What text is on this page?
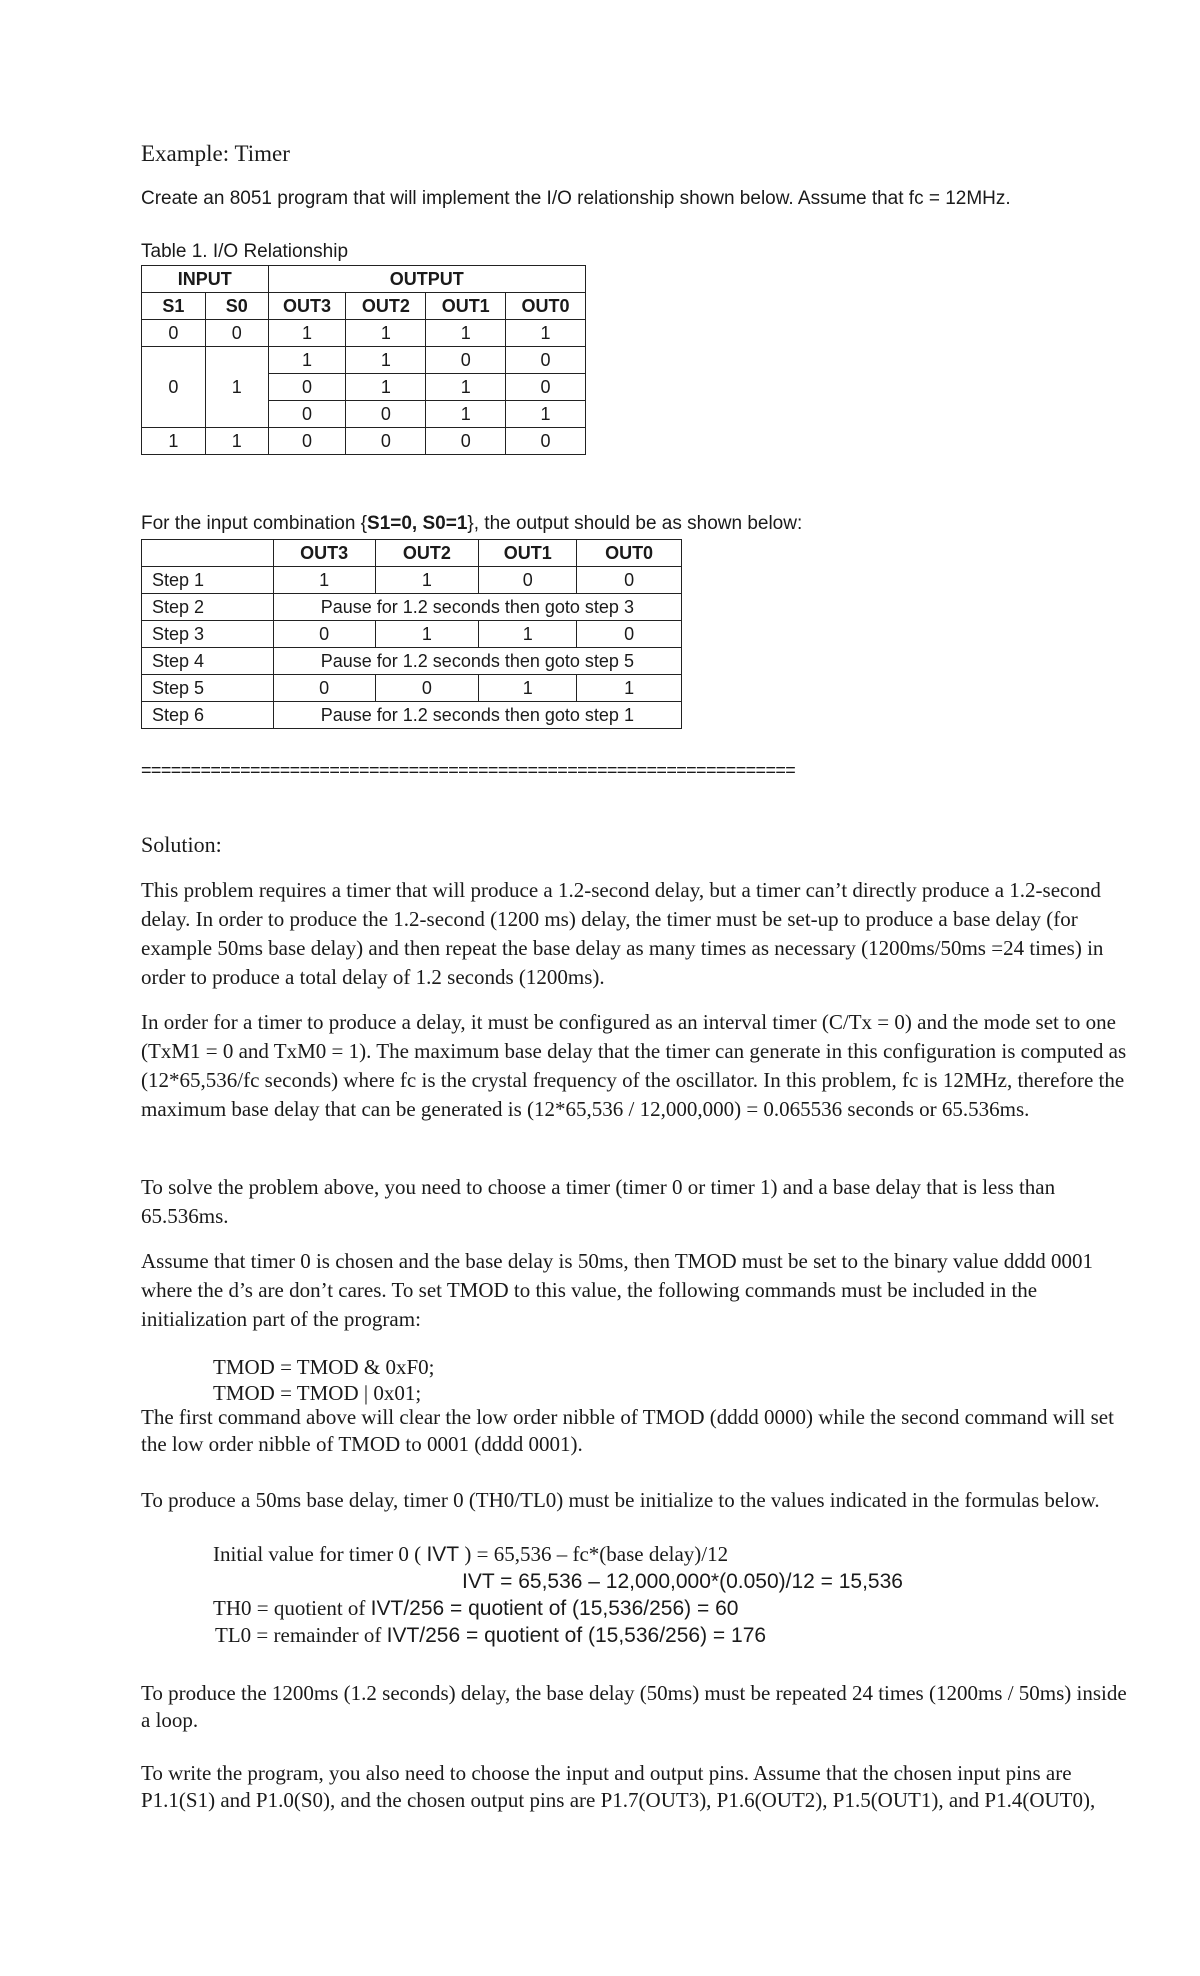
Example: Timer
Create an 8051 program that will implement the I/O relationship shown below. Assume that fc = 12MHz.
Table 1. I/O Relationship
INPUT		OUTPUT			
S1	S0	OUT3	OUT2	OUT1	OUT0
0	0	1	1	1	1
0	1	1	1	0	0
		0	1	1	0
		0	0	1	1
1	1	0	0	0	0
For the input combination {S1=0, S0=1}, the output should be as shown below:
	OUT3	OUT2	OUT1	OUT0
Step 1	1	1	0	0
Step 2	Pause for 1.2 seconds then goto step 3			
Step 3	0	1	1	0
Step 4	Pause for 1.2 seconds then goto step 5			
Step 5	0	0	1	1
Step 6	Pause for 1.2 seconds then goto step 1			
==================================================================
Solution:
This problem requires a timer that will produce a 1.2-second delay, but a timer can’t directly produce a 1.2-second delay. In order to produce the 1.2-second (1200 ms) delay, the timer must be set-up to produce a base delay (for example 50ms base delay) and then repeat the base delay as many times as necessary (1200ms/50ms =24 times) in order to produce a total delay of 1.2 seconds (1200ms).
In order for a timer to produce a delay, it must be configured as an interval timer (C/Tx = 0) and the mode set to one (TxM1 = 0 and TxM0 = 1). The maximum base delay that the timer can generate in this configuration is computed as (12*65,536/fc seconds) where fc is the crystal frequency of the oscillator. In this problem, fc is 12MHz, therefore the maximum base delay that can be generated is (12*65,536 / 12,000,000) = 0.065536 seconds or 65.536ms.
To solve the problem above, you need to choose a timer (timer 0 or timer 1) and a base delay that is less than 65.536ms.
Assume that timer 0 is chosen and the base delay is 50ms, then TMOD must be set to the binary value dddd 0001 where the d’s are don’t cares. To set TMOD to this value, the following commands must be included in the initialization part of the program:
TMOD = TMOD & 0xF0;
TMOD = TMOD | 0x01;
The first command above will clear the low order nibble of TMOD (dddd 0000) while the second command will set the low order nibble of TMOD to 0001 (dddd 0001).
To produce a 50ms base delay, timer 0 (TH0/TL0) must be initialize to the values indicated in the formulas below.
Initial value for timer 0 ( IVT ) = 65,536 – fc*(base delay)/12
IVT = 65,536 – 12,000,000*(0.050)/12 = 15,536
TH0 = quotient of IVT/256 = quotient of (15,536/256) = 60
TL0 = remainder of IVT/256 = quotient of (15,536/256) = 176
To produce the 1200ms (1.2 seconds) delay, the base delay (50ms) must be repeated 24 times (1200ms / 50ms) inside a loop.
To write the program, you also need to choose the input and output pins. Assume that the chosen input pins are P1.1(S1) and P1.0(S0), and the chosen output pins are P1.7(OUT3), P1.6(OUT2), P1.5(OUT1), and P1.4(OUT0),
